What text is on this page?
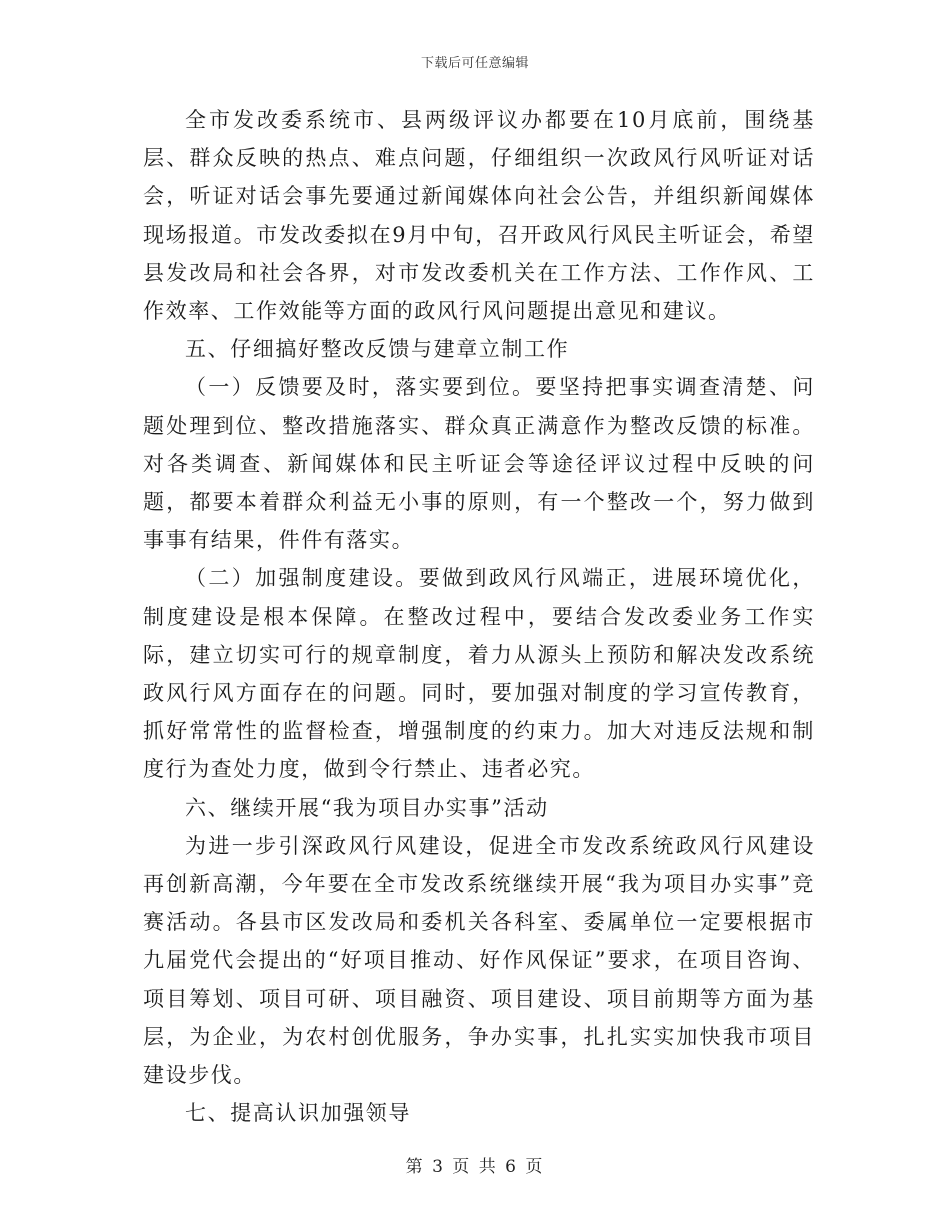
下载后可任意编辑

全市发改委系统市、县两级评议办都要在10月底前，围绕基层、群众反映的热点、难点问题，仔细组织一次政风行风听证对话会，听证对话会事先要通过新闻媒体向社会公告，并组织新闻媒体现场报道。市发改委拟在9月中旬，召开政风行风民主听证会，希望县发改局和社会各界，对市发改委机关在工作方法、工作作风、工作效率、工作效能等方面的政风行风问题提出意见和建议。

五、仔细搞好整改反馈与建章立制工作

（一）反馈要及时，落实要到位。要坚持把事实调查清楚、问题处理到位、整改措施落实、群众真正满意作为整改反馈的标准。对各类调查、新闻媒体和民主听证会等途径评议过程中反映的问题，都要本着群众利益无小事的原则，有一个整改一个，努力做到事事有结果，件件有落实。

（二）加强制度建设。要做到政风行风端正，进展环境优化，制度建设是根本保障。在整改过程中，要结合发改委业务工作实际，建立切实可行的规章制度，着力从源头上预防和解决发改系统政风行风方面存在的问题。同时，要加强对制度的学习宣传教育，抓好常常性的监督检查，增强制度的约束力。加大对违反法规和制度行为查处力度，做到令行禁止、违者必究。

六、继续开展“我为项目办实事”活动

为进一步引深政风行风建设，促进全市发改系统政风行风建设再创新高潮，今年要在全市发改系统继续开展“我为项目办实事”竞赛活动。各县市区发改局和委机关各科室、委属单位一定要根据市九届党代会提出的“好项目推动、好作风保证”要求，在项目咨询、项目筹划、项目可研、项目融资、项目建设、项目前期等方面为基层，为企业，为农村创优服务，争办实事，扎扎实实加快我市项目建设步伐。

七、提高认识加强领导

第 3 页 共 6 页
